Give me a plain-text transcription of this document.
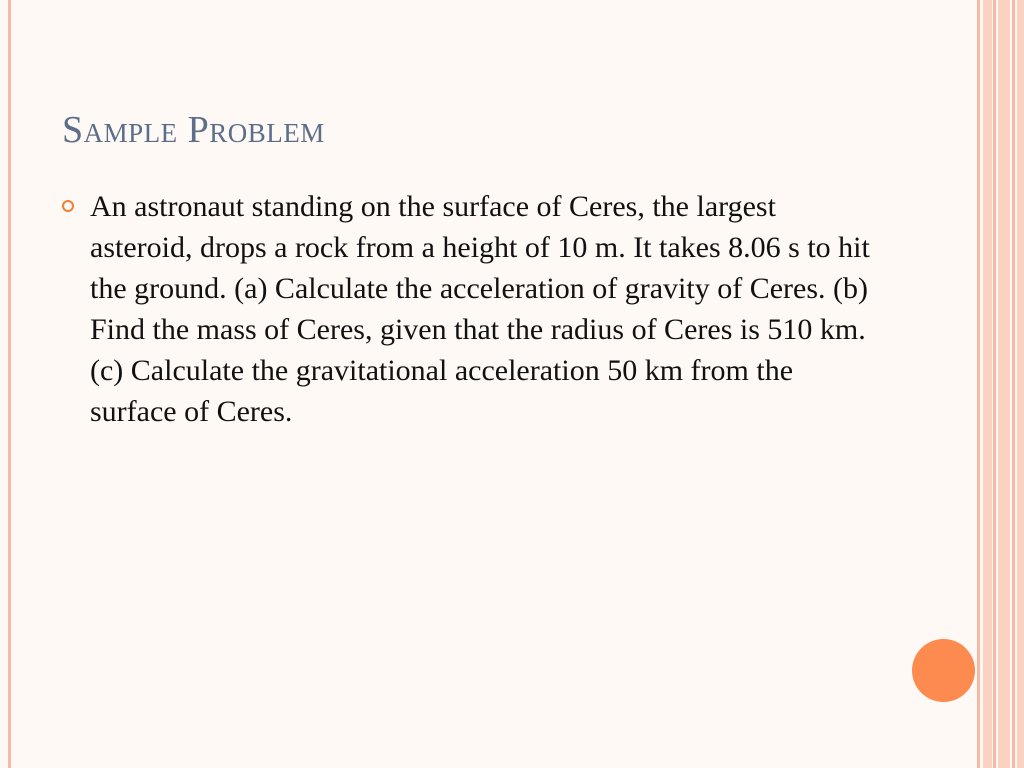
Sample Problem
An astronaut standing on the surface of Ceres, the largest asteroid, drops a rock from a height of 10 m. It takes 8.06 s to hit the ground. (a) Calculate the acceleration of gravity of Ceres. (b) Find the mass of Ceres, given that the radius of Ceres is 510 km. (c) Calculate the gravitational acceleration 50 km from the surface of Ceres.
